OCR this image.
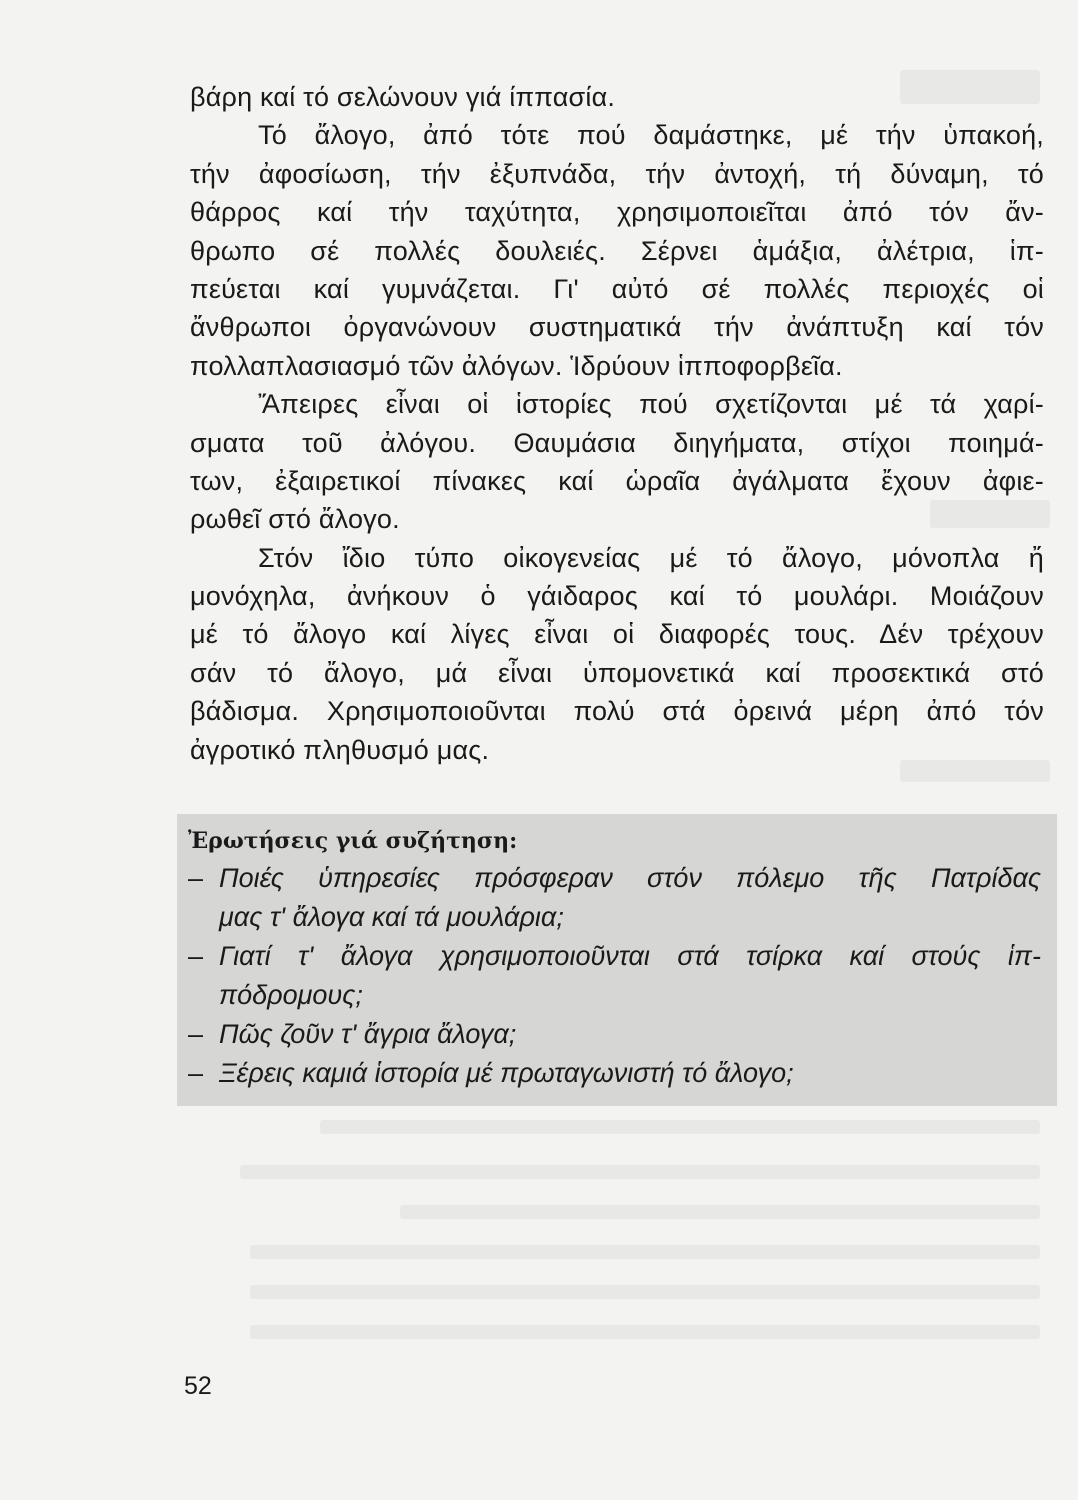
βάρη καί τό σελώνουν γιά ίππασία.
Τό ἄλογο, ἀπό τότε πού δαμάστηκε, μέ τήν ὑπακοή,
τήν ἀφοσίωση, τήν ἐξυπνάδα, τήν ἀντοχή, τή δύναμη, τό
θάρρος καί τήν ταχύτητα, χρησιμοποιεῖται ἀπό τόν ἄν-
θρωπο σέ πολλές δουλειές. Σέρνει ἁμάξια, ἀλέτρια, ἱπ-
πεύεται καί γυμνάζεται. Γι' αὐτό σέ πολλές περιοχές οἱ
ἄνθρωποι ὀργανώνουν συστηματικά τήν ἀνάπτυξη καί τόν
πολλαπλασιασμό τῶν ἀλόγων. Ἱδρύουν ἱπποφορβεῖα.
Ἄπειρες εἶναι οἱ ἱστορίες πού σχετίζονται μέ τά χαρί-
σματα τοῦ ἀλόγου. Θαυμάσια διηγήματα, στίχοι ποιημά-
των, ἐξαιρετικοί πίνακες καί ὡραῖα ἀγάλματα ἔχουν ἀφιε-
ρωθεῖ στό ἄλογο.
Στόν ἴδιο τύπο οἰκογενείας μέ τό ἄλογο, μόνοπλα ἤ
μονόχηλα, ἀνήκουν ὁ γάιδαρος καί τό μουλάρι. Μοιάζουν
μέ τό ἄλογο καί λίγες εἶναι οἱ διαφορές τους. Δέν τρέχουν
σάν τό ἄλογο, μά εἶναι ὑπομονετικά καί προσεκτικά στό
βάδισμα. Χρησιμοποιοῦνται πολύ στά ὀρεινά μέρη ἀπό τόν
ἀγροτικό πληθυσμό μας.
Ἐρωτήσεις γιά συζήτηση:
– Ποιές ὑπηρεσίες πρόσφεραν στόν πόλεμο τῆς Πατρίδας
μας τ' ἄλογα καί τά μουλάρια;
– Γιατί τ' ἄλογα χρησιμοποιοῦνται στά τσίρκα καί στούς ἱπ-
πόδρομους;
– Πῶς ζοῦν τ' ἄγρια ἄλογα;
– Ξέρεις καμιά ἱστορία μέ πρωταγωνιστή τό ἄλογο;
52
